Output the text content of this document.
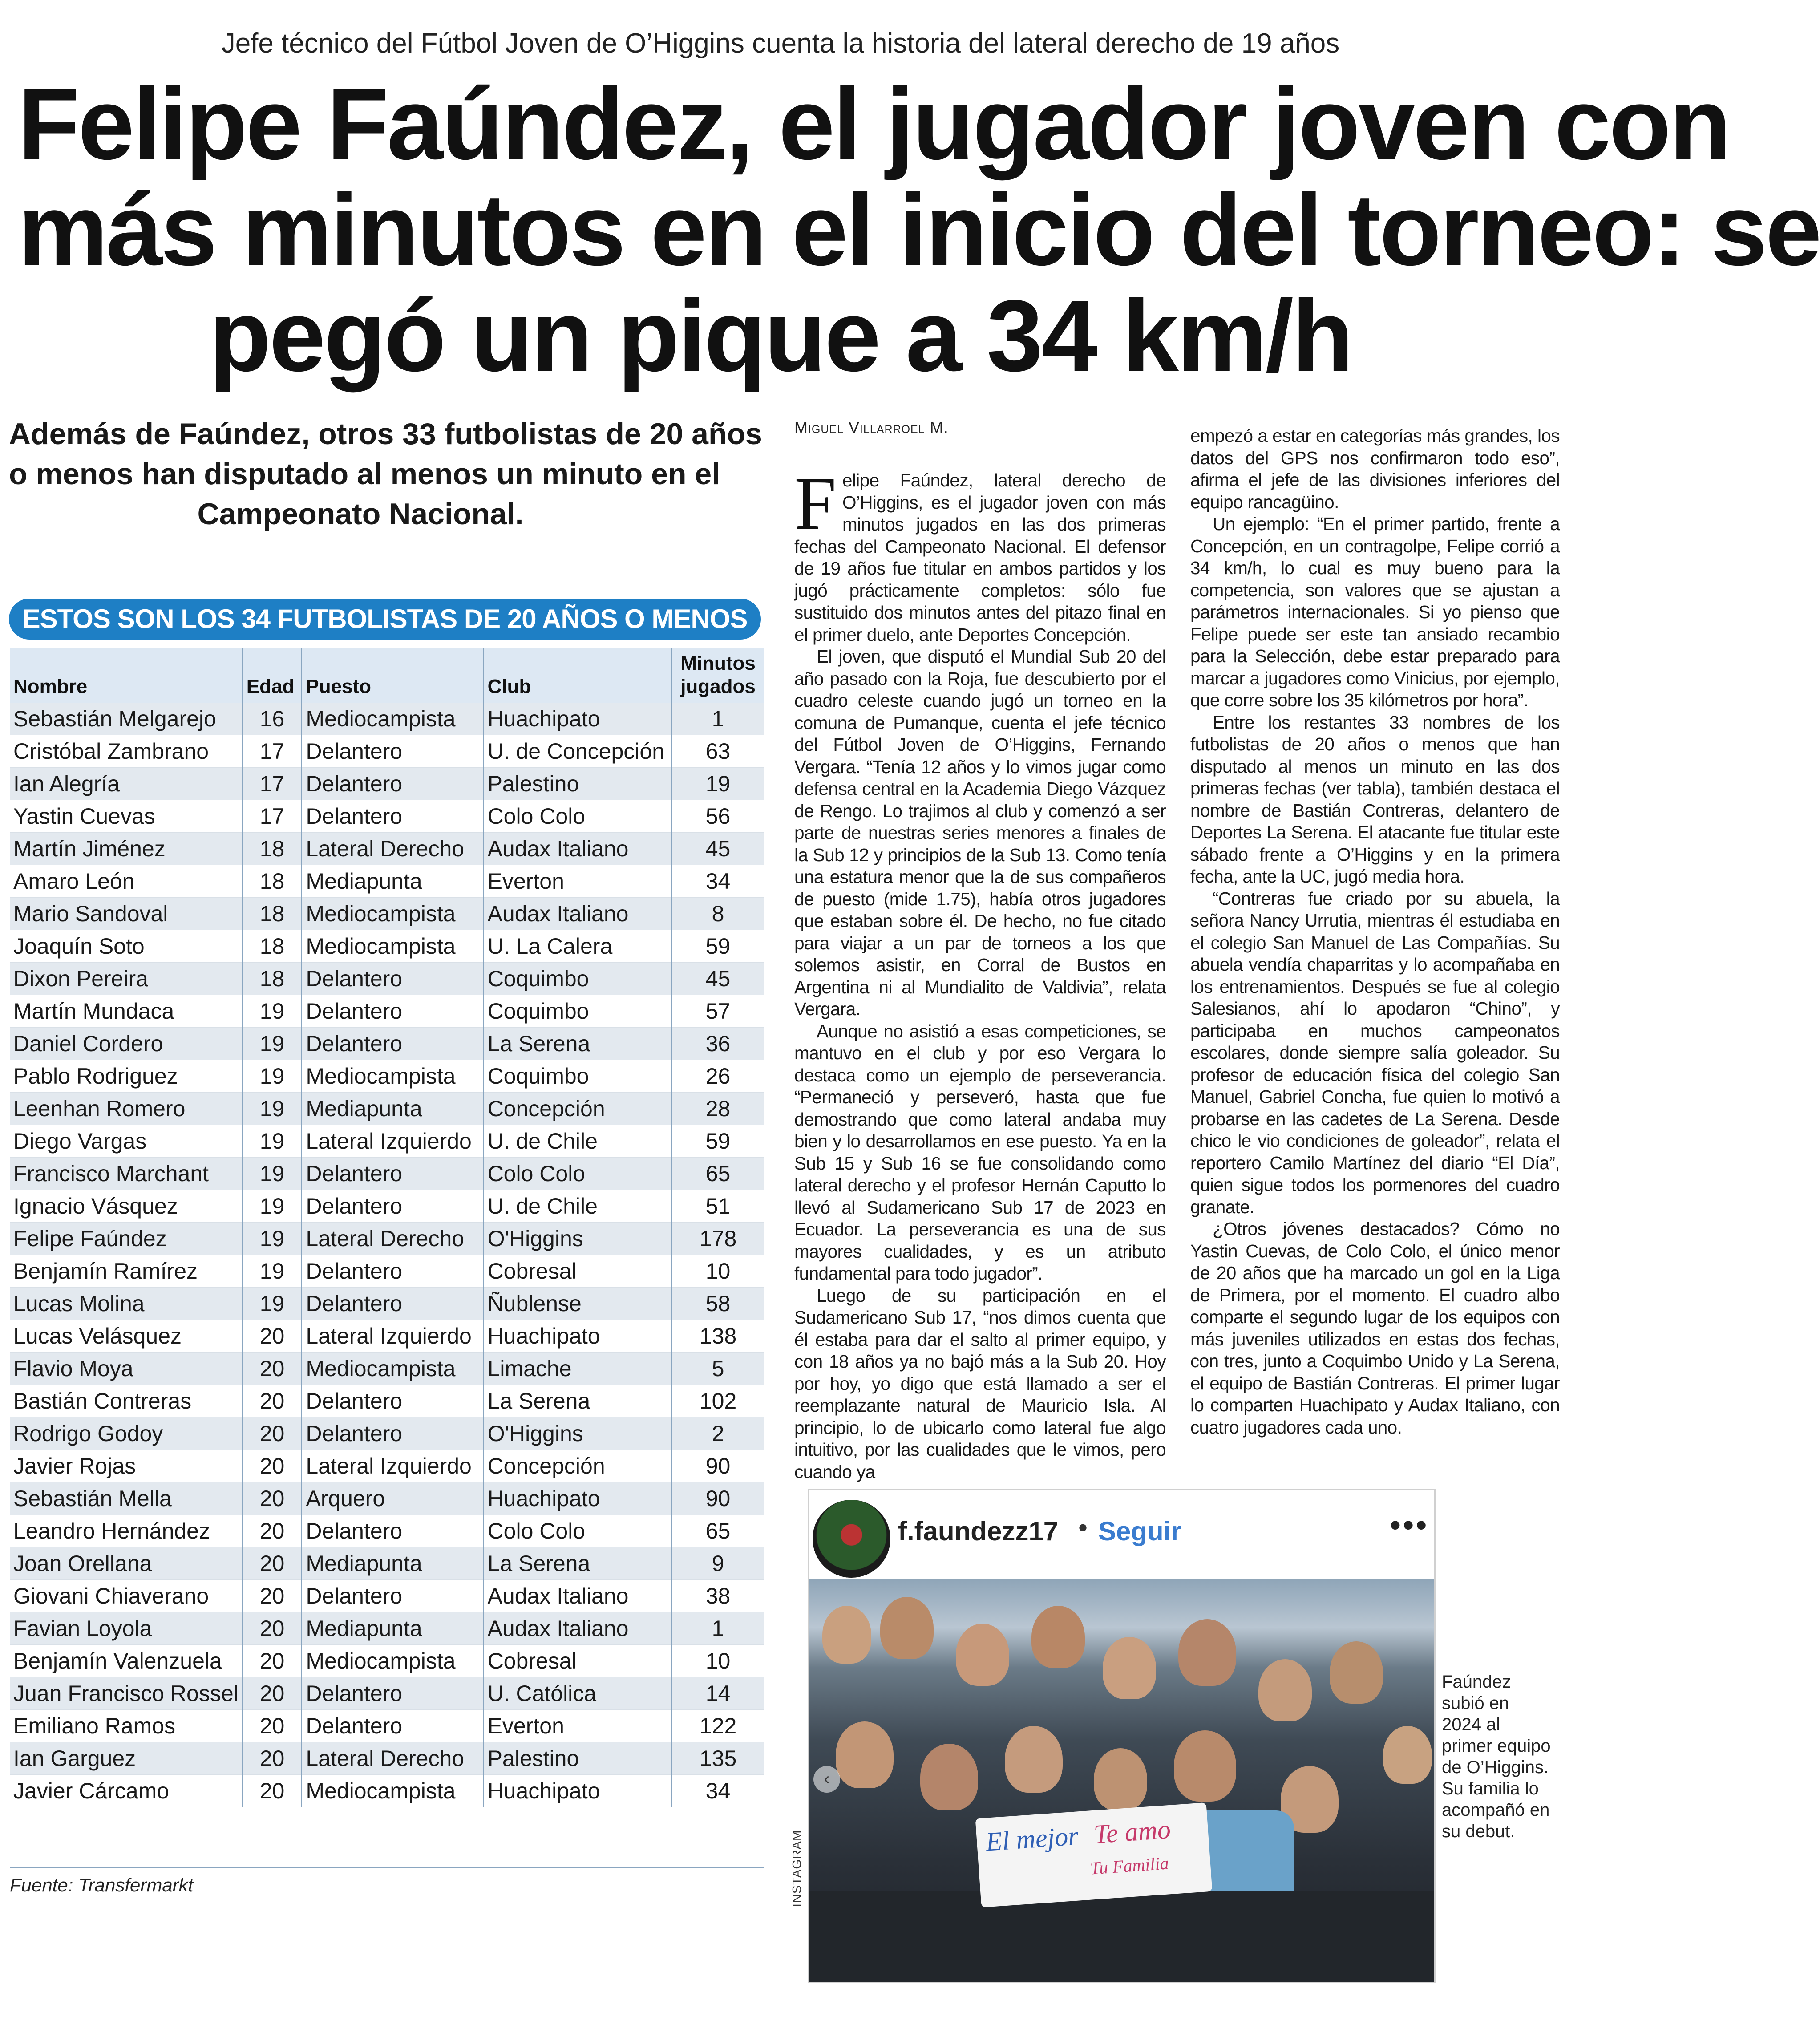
Jefe técnico del Fútbol Joven de O’Higgins cuenta la historia del lateral derecho de 19 años
Felipe Faúndez, el jugador joven con
más minutos en el inicio del torneo: se
pegó un pique a 34 km/h
Además de Faúndez, otros 33 futbolistas de 20 años
o menos han disputado al menos un minuto en el
Campeonato Nacional.
ESTOS SON LOS 34 FUTBOLISTAS DE 20 AÑOS O MENOS
Nombre	Edad	Puesto	Club	Minutos
jugados
Sebastián Melgarejo	16	Mediocampista	Huachipato	1
Cristóbal Zambrano	17	Delantero	U. de Concepción	63
Ian Alegría	17	Delantero	Palestino	19
Yastin Cuevas	17	Delantero	Colo Colo	56
Martín Jiménez	18	Lateral Derecho	Audax Italiano	45
Amaro León	18	Mediapunta	Everton	34
Mario Sandoval	18	Mediocampista	Audax Italiano	8
Joaquín Soto	18	Mediocampista	U. La Calera	59
Dixon Pereira	18	Delantero	Coquimbo	45
Martín Mundaca	19	Delantero	Coquimbo	57
Daniel Cordero	19	Delantero	La Serena	36
Pablo Rodriguez	19	Mediocampista	Coquimbo	26
Leenhan Romero	19	Mediapunta	Concepción	28
Diego Vargas	19	Lateral Izquierdo	U. de Chile	59
Francisco Marchant	19	Delantero	Colo Colo	65
Ignacio Vásquez	19	Delantero	U. de Chile	51
Felipe Faúndez	19	Lateral Derecho	O'Higgins	178
Benjamín Ramírez	19	Delantero	Cobresal	10
Lucas Molina	19	Delantero	Ñublense	58
Lucas Velásquez	20	Lateral Izquierdo	Huachipato	138
Flavio Moya	20	Mediocampista	Limache	5
Bastián Contreras	20	Delantero	La Serena	102
Rodrigo Godoy	20	Delantero	O'Higgins	2
Javier Rojas	20	Lateral Izquierdo	Concepción	90
Sebastián Mella	20	Arquero	Huachipato	90
Leandro Hernández	20	Delantero	Colo Colo	65
Joan Orellana	20	Mediapunta	La Serena	9
Giovani Chiaverano	20	Delantero	Audax Italiano	38
Favian Loyola	20	Mediapunta	Audax Italiano	1
Benjamín Valenzuela	20	Mediocampista	Cobresal	10
Juan Francisco Rossel	20	Delantero	U. Católica	14
Emiliano Ramos	20	Delantero	Everton	122
Ian Garguez	20	Lateral Derecho	Palestino	135
Javier Cárcamo	20	Mediocampista	Huachipato	34
Fuente: Transfermarkt
Miguel Villarroel M.
F elipe Faúndez, lateral derecho de O’Higgins, es el jugador joven con más minutos jugados en las dos primeras fechas del Campeonato Nacional. El defensor de 19 años fue titular en ambos partidos y los jugó prácticamente completos: sólo fue sustituido dos minutos antes del pitazo final en el primer duelo, ante Deportes Concepción.

El joven, que disputó el Mundial Sub 20 del año pasado con la Roja, fue descubierto por el cuadro celeste cuando jugó un torneo en la comuna de Pumanque, cuenta el jefe técnico del Fútbol Joven de O’Higgins, Fernando Vergara. “Tenía 12 años y lo vimos jugar como defensa central en la Academia Diego Vázquez de Rengo. Lo trajimos al club y comenzó a ser parte de nuestras series menores a finales de la Sub 12 y principios de la Sub 13. Como tenía una estatura menor que la de sus compañeros de puesto (mide 1.75), había otros jugadores que estaban sobre él. De hecho, no fue citado para viajar a un par de torneos a los que solemos asistir, en Corral de Bustos en Argentina ni al Mundialito de Valdivia”, relata Vergara.

Aunque no asistió a esas competiciones, se mantuvo en el club y por eso Vergara lo destaca como un ejemplo de perseverancia. “Permaneció y perseveró, hasta que fue demostrando que como lateral andaba muy bien y lo desarrollamos en ese puesto. Ya en la Sub 15 y Sub 16 se fue consolidando como lateral derecho y el profesor Hernán Caputto lo llevó al Sudamericano Sub 17 de 2023 en Ecuador. La perseverancia es una de sus mayores cualidades, y es un atributo fundamental para todo jugador”.

Luego de su participación en el Sudamericano Sub 17, “nos dimos cuenta que él estaba para dar el salto al primer equipo, y con 18 años ya no bajó más a la Sub 20. Hoy por hoy, yo digo que está llamado a ser el reemplazante natural de Mauricio Isla. Al principio, lo de ubicarlo como lateral fue algo intuitivo, por las cualidades que le vimos, pero cuando ya

empezó a estar en categorías más grandes, los datos del GPS nos confirmaron todo eso”, afirma el jefe de las divisiones inferiores del equipo rancagüino.

Un ejemplo: “En el primer partido, frente a Concepción, en un contragolpe, Felipe corrió a 34 km/h, lo cual es muy bueno para la competencia, son valores que se ajustan a parámetros internacionales. Si yo pienso que Felipe puede ser este tan ansiado recambio para la Selección, debe estar preparado para marcar a jugadores como Vinicius, por ejemplo, que corre sobre los 35 kilómetros por hora”.

Entre los restantes 33 nombres de los futbolistas de 20 años o menos que han disputado al menos un minuto en las dos primeras fechas (ver tabla), también destaca el nombre de Bastián Contreras, delantero de Deportes La Serena. El atacante fue titular este sábado frente a O’Higgins y en la primera fecha, ante la UC, jugó media hora.

“Contreras fue criado por su abuela, la señora Nancy Urrutia, mientras él estudiaba en el colegio San Manuel de Las Compañías. Su abuela vendía chaparritas y lo acompañaba en los entrenamientos. Después se fue al colegio Salesianos, ahí lo apodaron “Chino”, y participaba en muchos campeonatos escolares, donde siempre salía goleador. Su profesor de educación física del colegio San Manuel, Gabriel Concha, fue quien lo motivó a probarse en las cadetes de La Serena. Desde chico le vio condiciones de goleador”, relata el reportero Camilo Martínez del diario “El Día”, quien sigue todos los pormenores del cuadro granate.

¿Otros jóvenes destacados? Cómo no Yastin Cuevas, de Colo Colo, el único menor de 20 años que ha marcado un gol en la Liga de Primera, por el momento. El cuadro albo comparte el segundo lugar de los equipos con más juveniles utilizados en estas dos fechas, con tres, junto a Coquimbo Unido y La Serena, el equipo de Bastián Contreras. El primer lugar lo comparten Huachipato y Audax Italiano, con cuatro jugadores cada uno.

f.faundezz17 • Seguir	•••
El mejor Te amo
Tu Familia
‹
INSTAGRAM
Faúndez subió en 2024 al primer equipo de O’Higgins. Su familia lo acompañó en su debut.
